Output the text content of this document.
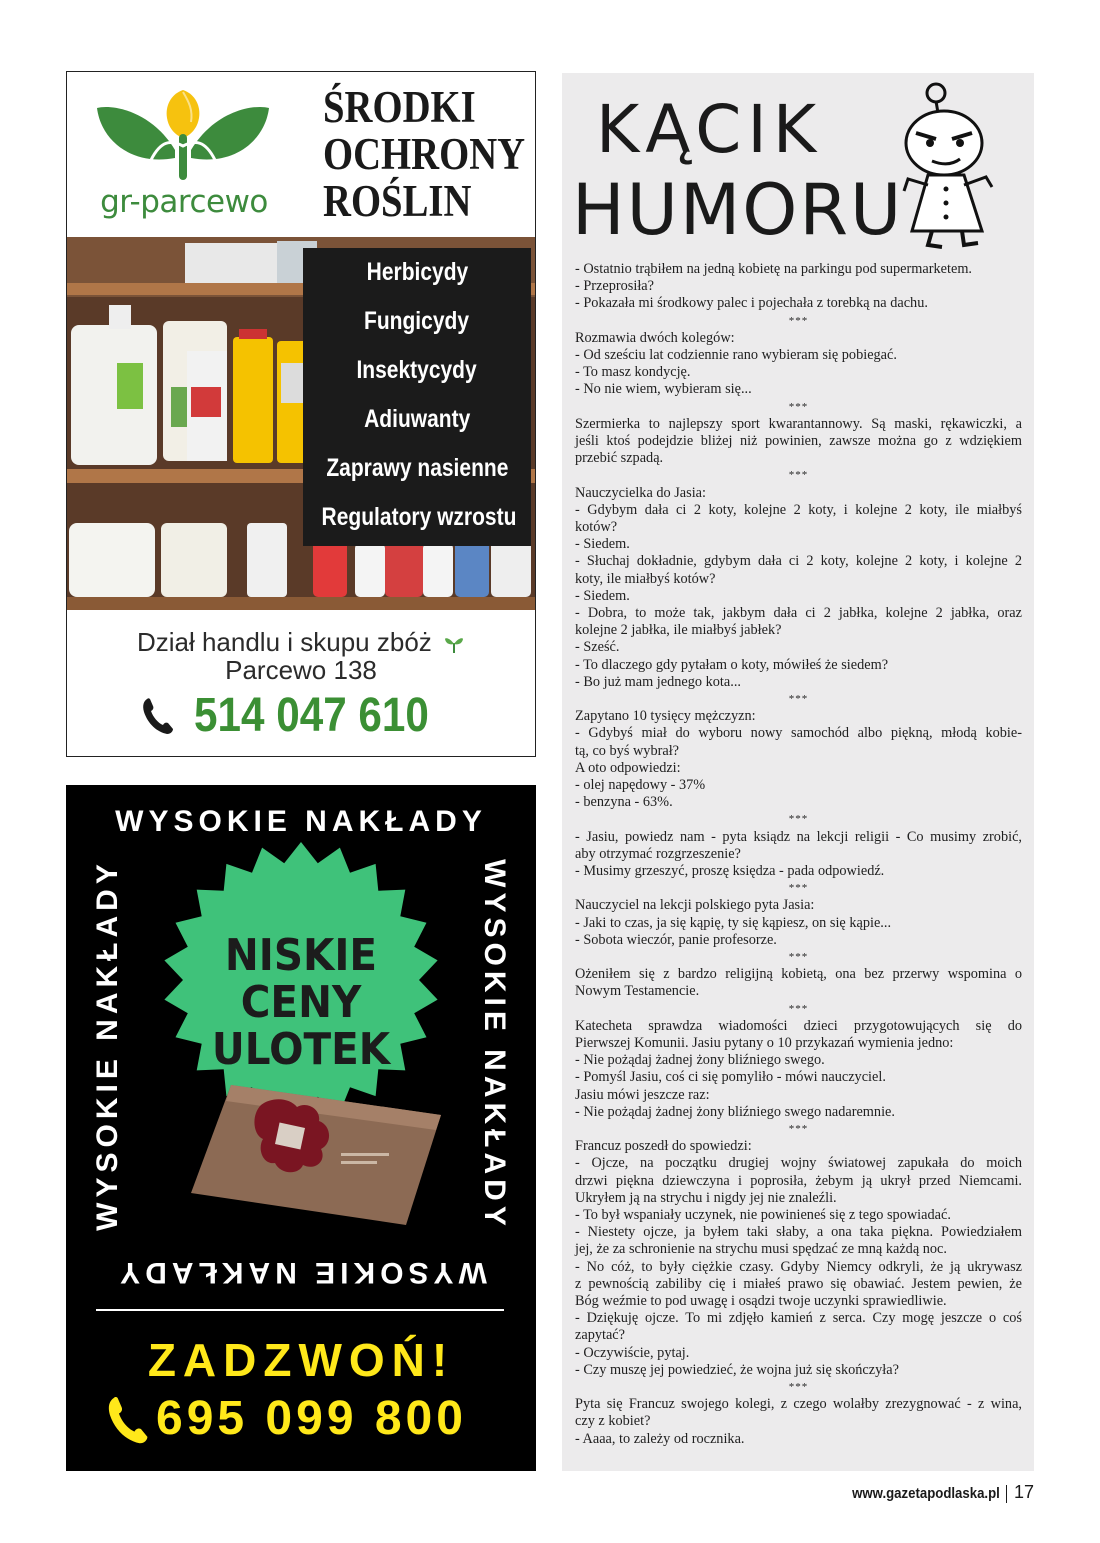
gr-parcewo
ŚRODKI
OCHRONY
ROŚLIN
Herbicydy
Fungicydy
Insektycydy
Adiuwanty
Zaprawy nasienne
Regulatory wzrostu
Dział handlu i skupu zbóż
Parcewo 138
514 047 610
WYSOKIE NAKŁADY
WYSOKIE NAKŁADY	WYSOKIE NAKŁADY
WYSOKIE NAKŁADY
NISKIE
CENY
ULOTEK
ZADZWOŃ!
695 099 800
KĄCIK
HUMORU
- Ostatnio trąbiłem na jedną kobietę na parkingu pod supermarketem.
- Przeprosiła?
- Pokazała mi środkowy palec i pojechała z torebką na dachu.
***
Rozmawia dwóch kolegów:
- Od sześciu lat codziennie rano wybieram się pobiegać.
- To masz kondycję.
- No nie wiem, wybieram się...
***
Szermierka to najlepszy sport kwarantannowy. Są maski, rękawiczki, a
jeśli ktoś podejdzie bliżej niż powinien, zawsze można go z wdziękiem
przebić szpadą.
***
Nauczycielka do Jasia:
- Gdybym dała ci 2 koty, kolejne 2 koty, i kolejne 2 koty, ile miałbyś
kotów?
- Siedem.
- Słuchaj dokładnie, gdybym dała ci 2 koty, kolejne 2 koty, i kolejne 2
koty, ile miałbyś kotów?
- Siedem.
- Dobra, to może tak, jakbym dała ci 2 jabłka, kolejne 2 jabłka, oraz
kolejne 2 jabłka, ile miałbyś jabłek?
- Sześć.
- To dlaczego gdy pytałam o koty, mówiłeś że siedem?
- Bo już mam jednego kota...
***
Zapytano 10 tysięcy mężczyzn:
- Gdybyś miał do wyboru nowy samochód albo piękną, młodą kobie-
tą, co byś wybrał?
A oto odpowiedzi:
- olej napędowy - 37%
- benzyna - 63%.
***
- Jasiu, powiedz nam - pyta ksiądz na lekcji religii - Co musimy zrobić,
aby otrzymać rozgrzeszenie?
- Musimy grzeszyć, proszę księdza - pada odpowiedź.
***
Nauczyciel na lekcji polskiego pyta Jasia:
- Jaki to czas, ja się kąpię, ty się kąpiesz, on się kąpie...
- Sobota wieczór, panie profesorze.
***
Ożeniłem się z bardzo religijną kobietą, ona bez przerwy wspomina o
Nowym Testamencie.
***
Katecheta sprawdza wiadomości dzieci przygotowujących się do
Pierwszej Komunii. Jasiu pytany o 10 przykazań wymienia jedno:
- Nie pożądaj żadnej żony bliźniego swego.
- Pomyśl Jasiu, coś ci się pomyliło - mówi nauczyciel.
Jasiu mówi jeszcze raz:
- Nie pożądaj żadnej żony bliźniego swego nadaremnie.
***
Francuz poszedł do spowiedzi:
- Ojcze, na początku drugiej wojny światowej zapukała do moich
drzwi piękna dziewczyna i poprosiła, żebym ją ukrył przed Niemcami.
Ukryłem ją na strychu i nigdy jej nie znaleźli.
- To był wspaniały uczynek, nie powinieneś się z tego spowiadać.
- Niestety ojcze, ja byłem taki słaby, a ona taka piękna. Powiedziałem
jej, że za schronienie na strychu musi spędzać ze mną każdą noc.
- No cóż, to były ciężkie czasy. Gdyby Niemcy odkryli, że ją ukrywasz
z pewnością zabiliby cię i miałeś prawo się obawiać. Jestem pewien, że
Bóg weźmie to pod uwagę i osądzi twoje uczynki sprawiedliwie.
- Dziękuję ojcze. To mi zdjęło kamień z serca. Czy mogę jeszcze o coś
zapytać?
- Oczywiście, pytaj.
- Czy muszę jej powiedzieć, że wojna już się skończyła?
***
Pyta się Francuz swojego kolegi, z czego wolałby zrezygnować - z wina,
czy z kobiet?
- Aaaa, to zależy od rocznika.
www.gazetapodlaska.pl 17
